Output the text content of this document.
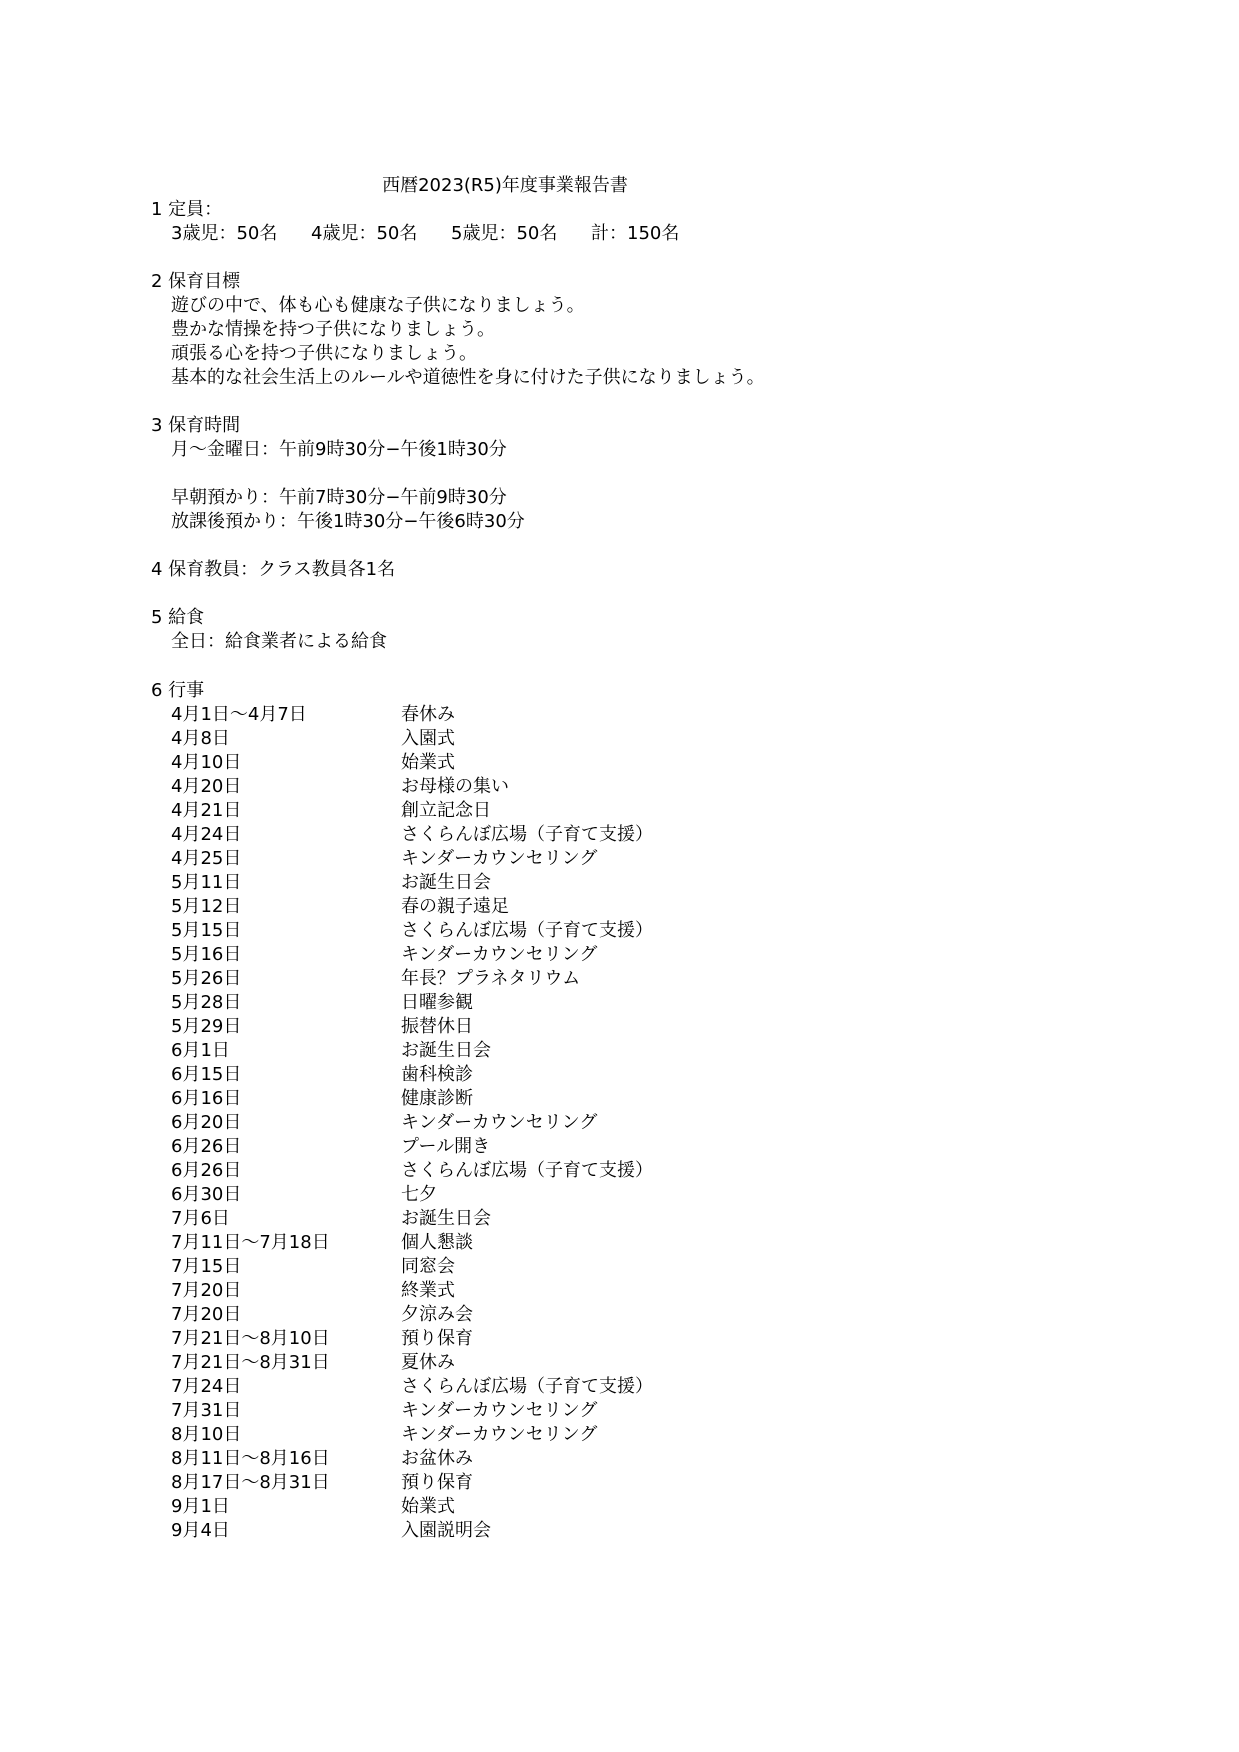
西暦2023(R5)年度事業報告書
1 定員：
3歳児：50名 4歳児：50名 5歳児：50名 計：150名
2 保育目標
遊びの中で、体も心も健康な子供になりましょう。
豊かな情操を持つ子供になりましょう。
頑張る心を持つ子供になりましょう。
基本的な社会生活上のルールや道徳性を身に付けた子供になりましょう。
3 保育時間
月～金曜日：午前9時30分−午後1時30分
早朝預かり：午前7時30分−午前9時30分
放課後預かり：午後1時30分−午後6時30分
4 保育教員：クラス教員各1名
5 給食
全日：給食業者による給食
6 行事
4月1日～4月7日	春休み
4月8日	入園式
4月10日	始業式
4月20日	お母様の集い
4月21日	創立記念日
4月24日	さくらんぼ広場（子育て支援）
4月25日	キンダーカウンセリング
5月11日	お誕生日会
5月12日	春の親子遠足
5月15日	さくらんぼ広場（子育て支援）
5月16日	キンダーカウンセリング
5月26日	年長？プラネタリウム
5月28日	日曜参観
5月29日	振替休日
6月1日	お誕生日会
6月15日	歯科検診
6月16日	健康診断
6月20日	キンダーカウンセリング
6月26日	プール開き
6月26日	さくらんぼ広場（子育て支援）
6月30日	七夕
7月6日	お誕生日会
7月11日～7月18日	個人懇談
7月15日	同窓会
7月20日	終業式
7月20日	夕涼み会
7月21日～8月10日	預り保育
7月21日～8月31日	夏休み
7月24日	さくらんぼ広場（子育て支援）
7月31日	キンダーカウンセリング
8月10日	キンダーカウンセリング
8月11日～8月16日	お盆休み
8月17日～8月31日	預り保育
9月1日	始業式
9月4日	入園説明会
